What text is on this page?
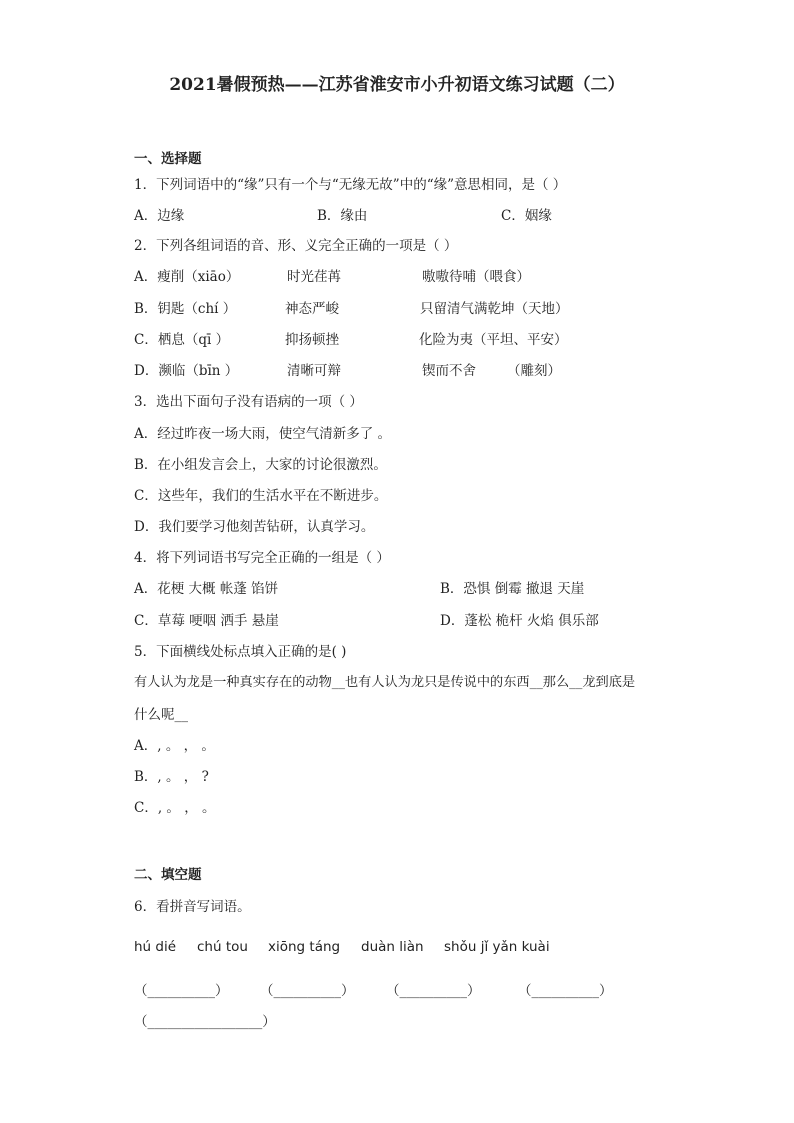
2021暑假预热——江苏省淮安市小升初语文练习试题（二）
一、选择题
1．下列词语中的“缘”只有一个与“无缘无故”中的“缘”意思相同，是（ ）
A．边缘	B．缘由	C．姻缘
2．下列各组词语的音、形、义完全正确的一项是（ ）
A．瘦削（xiāo）	时光荏苒	嗷嗷待哺（喂食）
B．钥匙（chí ）	神态严峻	只留清气满乾坤（天地）
C．栖息（qī ）	抑扬顿挫	化险为夷（平坦、平安）
D．濒临（bīn ）	清晰可辩	锲而不舍 （雕刻）
3．选出下面句子没有语病的一项（ ）
A．经过昨夜一场大雨，使空气清新多了 。
B．在小组发言会上，大家的讨论很激烈。
C．这些年，我们的生活水平在不断进步。
D．我们要学习他刻苦钻研，认真学习。
4．将下列词语书写完全正确的一组是（ ）
A．花梗 大概 帐蓬 馅饼	B．恐惧 倒霉 撤退 天崖
C．草莓 哽咽 洒手 悬崖	D．蓬松 桅杆 火焰 俱乐部
5．下面横线处标点填入正确的是( )
有人认为龙是一种真实存在的动物__也有人认为龙只是传说中的东西__那么__龙到底是
什么呢__
A．, 。 ， 。
B．, 。 ， ?
C．, 。 ， 。
二、填空题
6．看拼音写词语。
hú dié chú tou xiōng táng duàn liàn shǒu jǐ yǎn kuài
（__________） （__________） （__________）	（__________）
（_________________）
